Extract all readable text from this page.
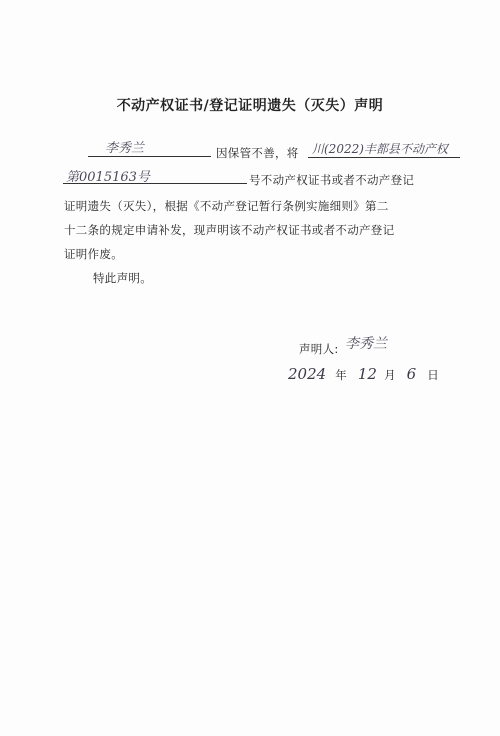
不动产权证书/登记证明遗失（灭失）声明
李秀兰	因保管不善，将 川(2022)丰都县不动产权
第0015163号	号不动产权证书或者不动产登记
证明遗失（灭失），根据《不动产登记暂行条例实施细则》第二
十二条的规定申请补发，现声明该不动产权证书或者不动产登记
证明作废。
特此声明。
声明人: 李秀兰
2024 年 12 月 6 日
